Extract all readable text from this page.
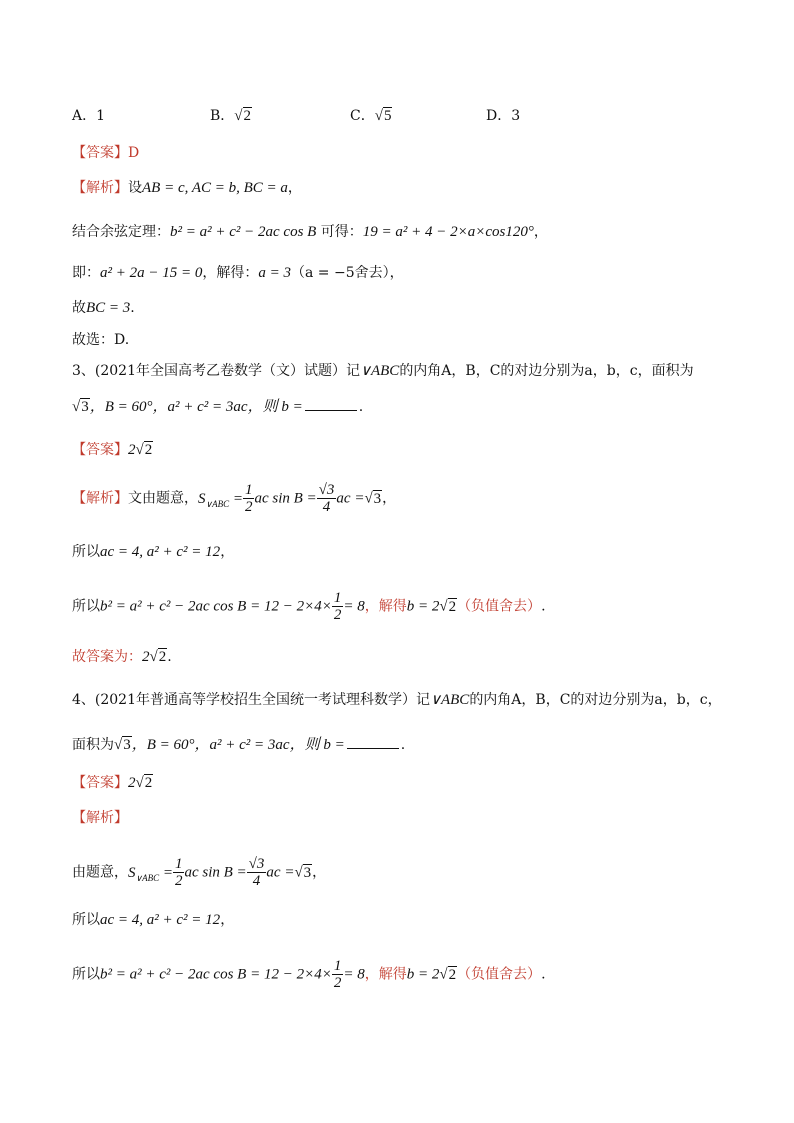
A．1	B．√2	C．√5	D．3
【答案】D
【解析】设AB = c, AC = b, BC = a，
结合余弦定理：b² = a² + c² − 2ac cos B 可得：19 = a² + 4 − 2×a×cos120°，
即：a² + 2a − 15 = 0，解得：a = 3（a = −5舍去），
故BC = 3.
故选：D.
3、(2021年全国高考乙卷数学（文）试题）记∨ABC的内角A，B，C的对边分别为a，b，c，面积为
√3，B = 60°，a² + c² = 3ac，则 b =	.
【答案】2√2
【解析】文由题意，$S_{\vee ABC} = \frac{1}{2}$ ac $\sin B = \frac{√3}{4}$ ac =√3，
所以ac = 4, a² + c² = 12，
所以b² = a² + c² − 2ac $\cos B = 12 - 2\times 4\times \frac{1}{2} = 8$，解得b = 2√2（负值舍去）.
故答案为：2√2.
4、(2021年普通高等学校招生全国统一考试理科数学）记∨ABC的内角A，B，C的对边分别为a，b，c，
面积为√3，B = 60°，a² + c² = 3ac，则 b =	.
【答案】2√2
【解析】
由题意，$S_{\vee ABC} = \frac{1}{2}$ ac $\sin B = \frac{√3}{4}$ ac =√3，
所以ac = 4, a² + c² = 12，
所以b² = a² + c² − 2ac $\cos B = 12 - 2\times 4\times \frac{1}{2} = 8$，解得b = 2√2（负值舍去）.
